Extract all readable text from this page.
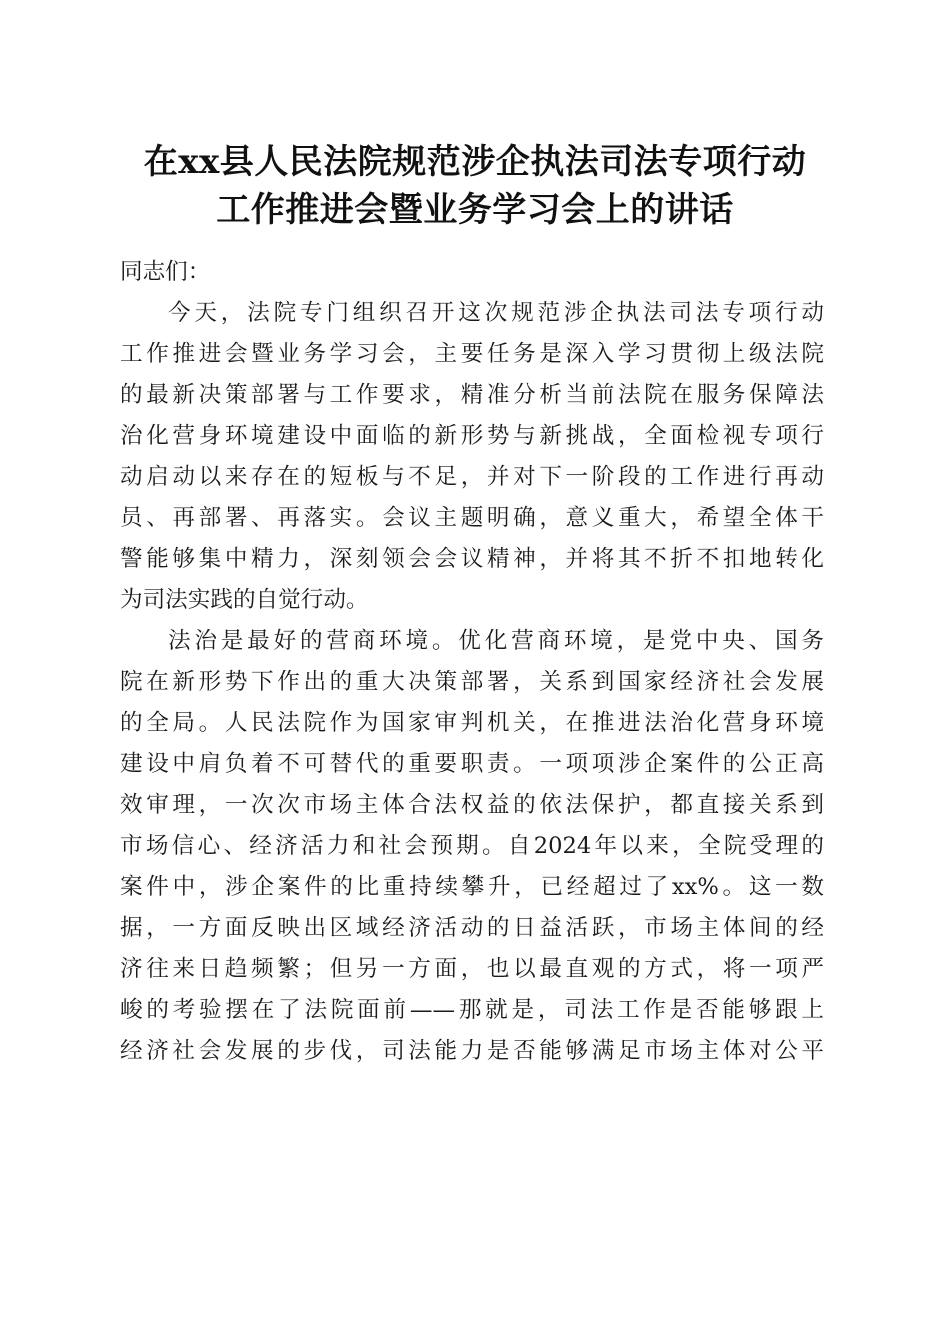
在xx县人民法院规范涉企执法司法专项行动
工作推进会暨业务学习会上的讲话

同志们：

今天，法院专门组织召开这次规范涉企执法司法专项行动
工作推进会暨业务学习会，主要任务是深入学习贯彻上级法院
的最新决策部署与工作要求，精准分析当前法院在服务保障法
治化营身环境建设中面临的新形势与新挑战，全面检视专项行
动启动以来存在的短板与不足，并对下一阶段的工作进行再动
员、再部署、再落实。会议主题明确，意义重大，希望全体干
警能够集中精力，深刻领会会议精神，并将其不折不扣地转化
为司法实践的自觉行动。
法治是最好的营商环境。优化营商环境，是党中央、国务
院在新形势下作出的重大决策部署，关系到国家经济社会发展
的全局。人民法院作为国家审判机关，在推进法治化营身环境
建设中肩负着不可替代的重要职责。一项项涉企案件的公正高
效审理，一次次市场主体合法权益的依法保护，都直接关系到
市场信心、经济活力和社会预期。自2024年以来，全院受理的
案件中，涉企案件的比重持续攀升，已经超过了xx%。这一数
据，一方面反映出区域经济活动的日益活跃，市场主体间的经
济往来日趋频繁；但另一方面，也以最直观的方式，将一项严
峻的考验摆在了法院面前——那就是，司法工作是否能够跟上
经济社会发展的步伐，司法能力是否能够满足市场主体对公平
